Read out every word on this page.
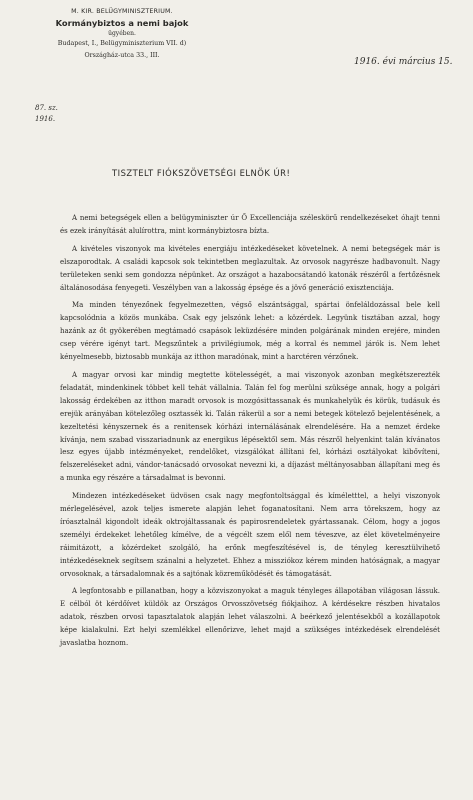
M. KIR. BELÜGYMINISZTERIUM.
Kormánybiztos a nemi bajok
ügyében.
Budapest, I., Belügyminiszterium VII. d)
Országház-utca 33., III.
1916. évi március 15.
87. sz.
1916.
TISZTELT FIÓKSZÖVETSÉGI ELNÖK ÚR!

A nemi betegségek ellen a belügyminiszter úr Ő Excellenciája széleskörű rendelkezéseket óhajt tenni és ezek irányítását alulírottra, mint kormánybiztosra bízta.

A kivételes viszonyok ma kivételes energiáju intézkedéseket követelnek. A nemi betegségek már is elszaporodtak. A családi kapcsok sok tekintetben meglazultak. Az orvosok nagyrésze hadbavonult. Nagy területeken senki sem gondozza népünket. Az országot a hazabocsátandó katonák részéről a fertőzésnek általánosodása fenyegeti. Veszélyben van a lakosság épsége és a jövő generáció exisztenciája.

Ma minden tényezőnek fegyelmezetten, végső elszántsággal, spártai önfeláldozással bele kell kapcsolódnia a közös munkába. Csak egy jelszónk lehet: a közérdek. Legyünk tisztában azzal, hogy hazánk az őt gyökerében megtámadó csapások leküzdésére minden polgárának minden erejére, minden csep vérére igényt tart. Megszűntek a privilégiumok, még a korral és nemmel járók is. Nem lehet kényelmesebb, biztosabb munkája az itthon maradónak, mint a harctéren vérzőnek.

A magyar orvosi kar mindig megtette kötelességét, a mai viszonyok azonban megkétszerezték feladatát, mindenkinek többet kell tehát vállalnia. Talán fel fog merülni szüksége annak, hogy a polgári lakosság érdekében az itthon maradt orvosok is mozgósittassanak és munkahelyük és körük, tudásuk és erejük arányában kötelezőleg osztassék ki. Talán rákerül a sor a nemi betegek kötelező bejelentésének, a kezeltetési kényszernek és a renitensek kórházi internálásának elrendelésére. Ha a nemzet érdeke kívánja, nem szabad visszariadnunk az energikus lépésektől sem. Más részről helyenkint talán kívánatos lesz egyes újabb intézményeket, rendelőket, vizsgálókat állítani fel, kórházi osztályokat kibővíteni, felszereléseket adni, vándor-tanácsadó orvosokat nevezni ki, a díjazást méltányosabban állapítani meg és a munka egy részére a társadalmat is bevonni.

Mindezen intézkedéseket üdvösen csak nagy megfontoltsággal és kíméletttel, a helyi viszonyok mérlegelésével, azok teljes ismerete alapján lehet foganatosítani. Nem arra törekszem, hogy az íróasztalnál kigondolt ideák oktrojáltassanak és papirosrendeletek gyártassanak. Célom, hogy a jogos személyi érdekeket lehetőleg kímélve, de a végcélt szem elől nem téveszve, az élet követelményeire ráimitázott, a közérdeket szolgáló, ha erőnk megfeszítésével is, de tényleg keresztülvihető intézkedéseknek segítsem szánalni a helyzetet. Ehhez a missziókoz kérem minden hatóságnak, a magyar orvosoknak, a társadalomnak és a sajtónak közreműködését és támogatását.

A legfontosabb e pillanatban, hogy a közviszonyokat a maguk tényleges állapotában világosan lássuk. E célból öt kérdőívet küldök az Országos Orvosszövetség fiókjaihoz. A kérdésekre részben hivatalos adatok, részben orvosi tapasztalatok alapján lehet válaszolni. A beérkező jelentésekből a kozállapotok képe kialakulni. Ezt helyi szemlékkel ellenőrizve, lehet majd a szükséges intézkedések elrendelését javaslatba hoznom.
